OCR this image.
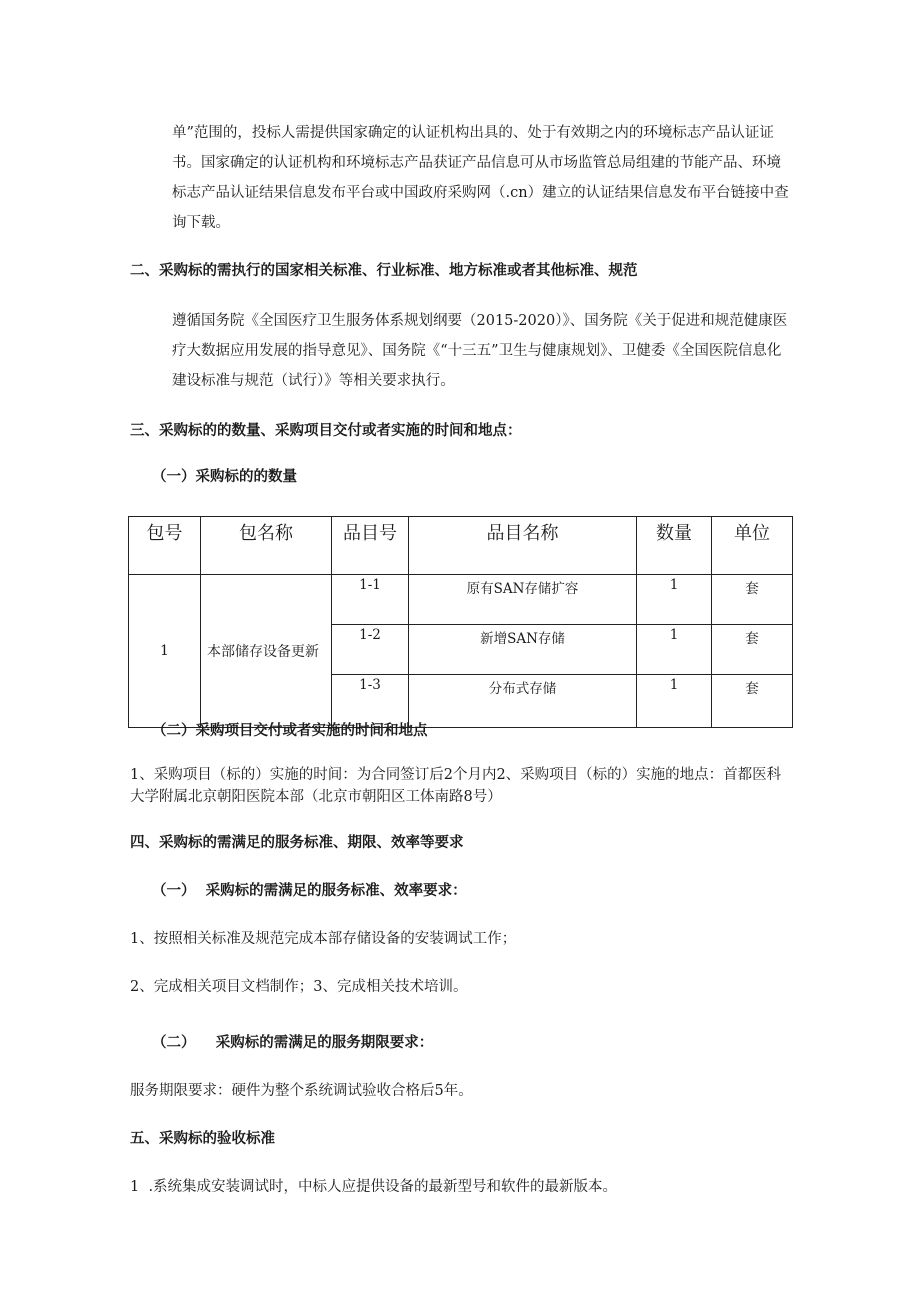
单”范围的，投标人需提供国家确定的认证机构出具的、处于有效期之内的环境标志产品认证证书。国家确定的认证机构和环境标志产品获证产品信息可从市场监管总局组建的节能产品、环境标志产品认证结果信息发布平台或中国政府采购网（.cn）建立的认证结果信息发布平台链接中查询下载。

二、采购标的需执行的国家相关标准、行业标准、地方标准或者其他标准、规范

遵循国务院《全国医疗卫生服务体系规划纲要（2015-2020）》、国务院《关于促进和规范健康医疗大数据应用发展的指导意见》、国务院《“十三五”卫生与健康规划》、卫健委《全国医院信息化建设标准与规范（试行）》等相关要求执行。

三、采购标的的数量、采购项目交付或者实施的时间和地点：

（一）采购标的的数量

包号	包名称	品目号	品目名称	数量	单位
1	本部储存设备更新	1-1	原有SAN存储扩容	1	套
		1-2	新增SAN存储	1	套
		1-3	分布式存储	1	套

（二）采购项目交付或者实施的时间和地点

1、采购项目（标的）实施的时间：为合同签订后2个月内2、采购项目（标的）实施的地点：首都医科大学附属北京朝阳医院本部（北京市朝阳区工体南路8号）

四、采购标的需满足的服务标准、期限、效率等要求

（一）  采购标的需满足的服务标准、效率要求：

1、按照相关标准及规范完成本部存储设备的安装调试工作；

2、完成相关项目文档制作；3、完成相关技术培训。

（二）    采购标的需满足的服务期限要求：

服务期限要求：硬件为整个系统调试验收合格后5年。

五、采购标的验收标准

1  .系统集成安装调试时，中标人应提供设备的最新型号和软件的最新版本。
